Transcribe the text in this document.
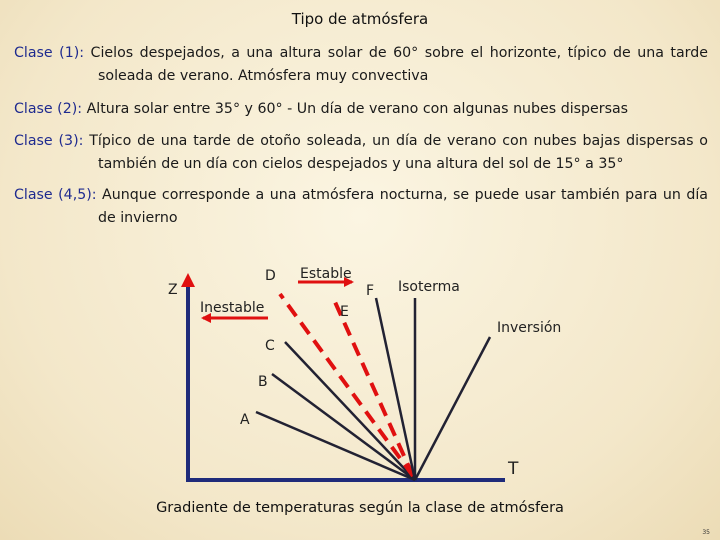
Tipo de atmósfera
Clase (1): Cielos despejados, a una altura solar de 60° sobre el horizonte, típico de una tarde
soleada de verano. Atmósfera muy convectiva
Clase (2): Altura solar entre 35° y 60° - Un día de verano con algunas nubes dispersas
Clase (3): Típico de una tarde de otoño soleada, un día de verano con nubes bajas dispersas o
también de un día con cielos despejados y una altura del sol de 15° a 35°
Clase (4,5): Aunque corresponde a una atmósfera nocturna, se puede usar también para un día
de invierno
Z
D
Inestable
Estable
E
F Isoterma
Inversión
C
B
A
T
Gradiente de temperaturas según la clase de atmósfera
35
